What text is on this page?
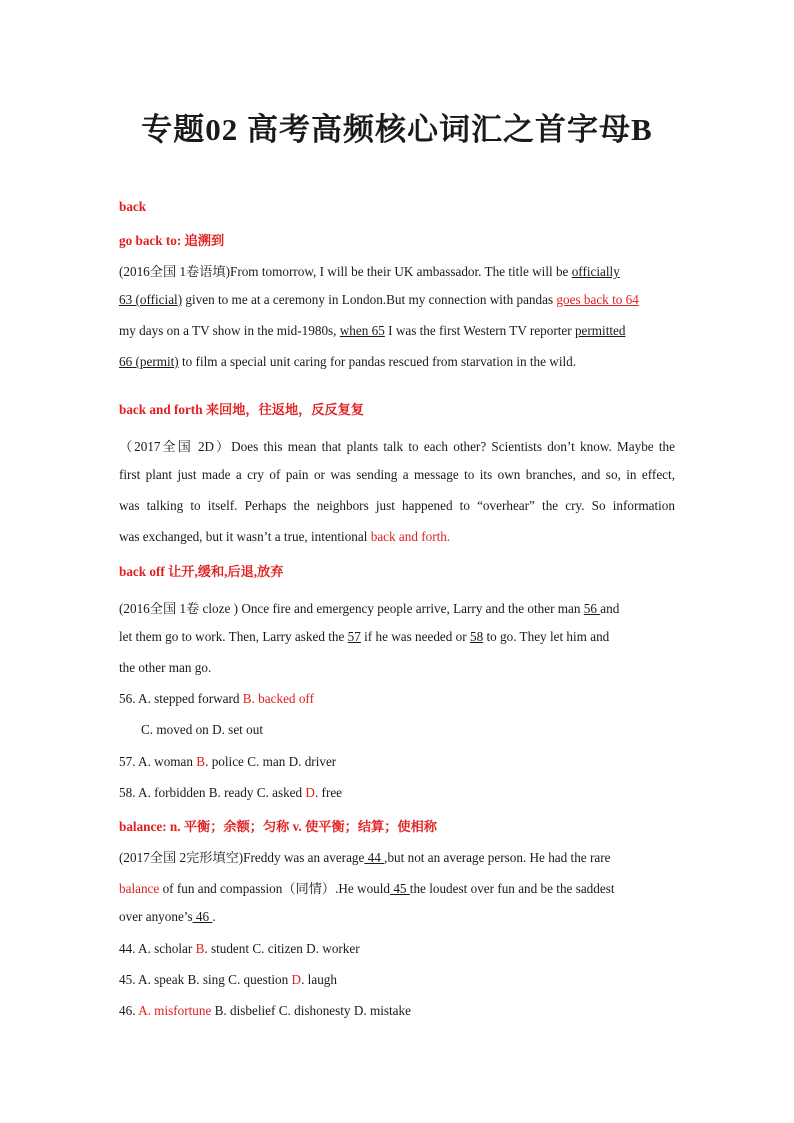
专题02 高考高频核心词汇之首字母B
back
go back to: 追溯到
(2016全国 1卷语填)From tomorrow, I will be their UK ambassador. The title will be officially
63 (official) given to me at a ceremony in London.But my connection with pandas goes back to 64
my days on a TV show in the mid-1980s, when 65 I was the first Western TV reporter permitted
66 (permit) to film a special unit caring for pandas rescued from starvation in the wild.
back and forth 来回地，往返地，反反复复
（2017全国 2D）Does this mean that plants talk to each other? Scientists don’t know. Maybe the
first plant just made a cry of pain or was sending a message to its own branches, and so, in effect,
was talking to itself. Perhaps the neighbors just happened to “overhear” the cry. So information
was exchanged, but it wasn’t a true, intentional back and forth.
back off 让开,缓和,后退,放弃
(2016全国 1卷 cloze ) Once fire and emergency people arrive, Larry and the other man 56 and
let them go to work. Then, Larry asked the 57 if he was needed or 58 to go. They let him and
the other man go.
56. A. stepped forward B. backed off
C. moved on D. set out
57. A. woman B. police C. man D. driver
58. A. forbidden B. ready C. asked D. free
balance: n. 平衡；余额；匀称 v. 使平衡；结算；使相称
(2017全国 2完形填空)Freddy was an average 44 ,but not an average person. He had the rare
balance of fun and compassion（同情）.He would 45 the loudest over fun and be the saddest
over anyone’s 46 .
44. A. scholar B. student C. citizen D. worker
45. A. speak B. sing C. question D. laugh
46. A. misfortune B. disbelief C. dishonesty D. mistake
